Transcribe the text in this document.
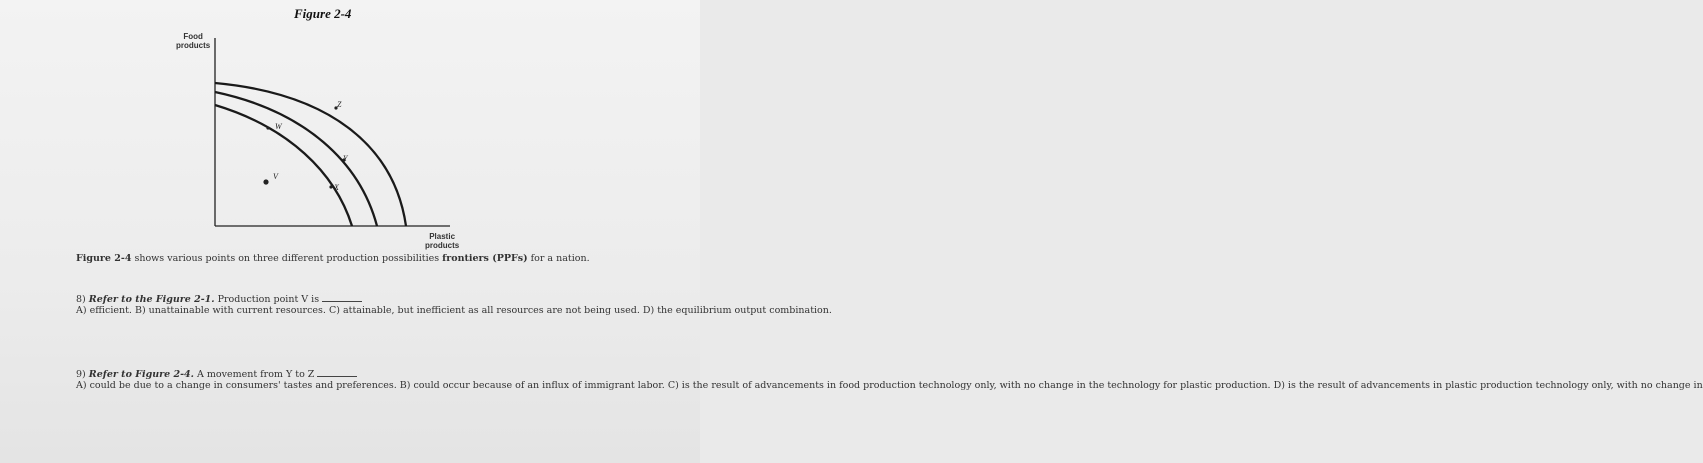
Figure 2-4
Food
products
W
V
X
Y
Z
Plastic
products
Figure 2-4 shows various points on three different production possibilities frontiers (PPFs) for a nation.
8) Refer to the Figure 2-1. Production point V is
A) efficient. B) unattainable with current resources. C) attainable, but inefficient as all resources are not being used. D) the equilibrium output combination.
9) Refer to Figure 2-4. A movement from Y to Z
A) could be due to a change in consumers' tastes and preferences. B) could occur because of an influx of immigrant labor. C) is the result of advancements in food production technology only, with no change in the technology for plastic production. D) is the result of advancements in plastic production technology only, with no change in
